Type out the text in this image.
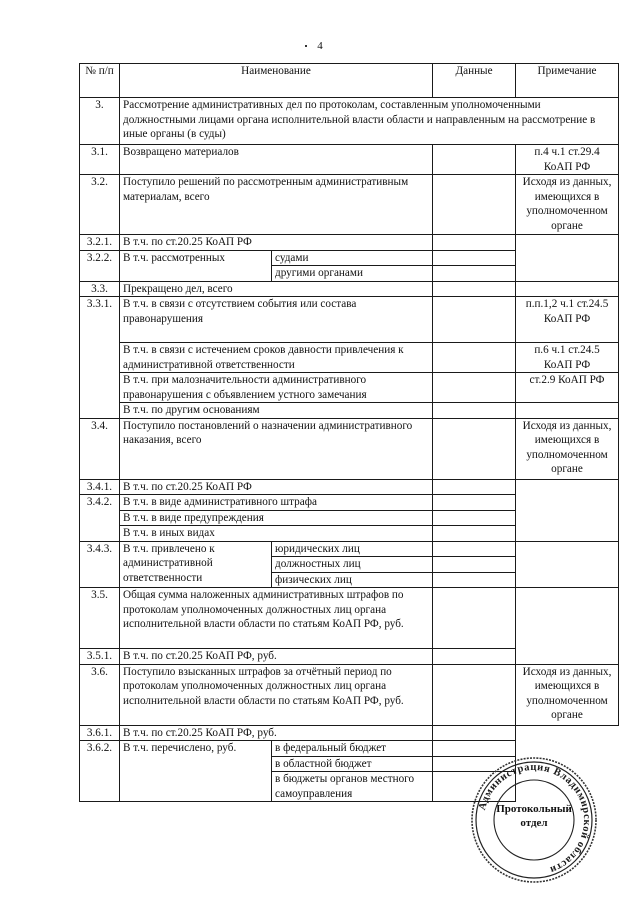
4
№ п/п	Наименование		Данные	Примечание
3.	Рассмотрение административных дел по протоколам, составленным уполномоченными должностными лицами органа исполнительной власти области и направленным на рассмотрение в иные органы (в суды)			
3.1.	Возвращено материалов			п.4 ч.1 ст.29.4 КоАП РФ
3.2.	Поступило решений по рассмотренным административным материалам, всего			Исходя из данных, имеющихся в уполномоченном органе
3.2.1.	В т.ч. по ст.20.25 КоАП РФ			
3.2.2.	В т.ч. рассмотренных	судами		
		другими органами		
3.3.	Прекращено дел, всего			
3.3.1.	В т.ч. в связи с отсутствием события или состава правонарушения			п.п.1,2 ч.1 ст.24.5 КоАП РФ
	В т.ч. в связи с истечением сроков давности привлечения к административной ответственности			п.6 ч.1 ст.24.5 КоАП РФ
	В т.ч. при малозначительности административного правонарушения с объявлением устного замечания			ст.2.9 КоАП РФ
	В т.ч. по другим основаниям			
3.4.	Поступило постановлений о назначении административного наказания, всего			Исходя из данных, имеющихся в уполномоченном органе
3.4.1.	В т.ч. по ст.20.25 КоАП РФ			
3.4.2.	В т.ч. в виде административного штрафа			
	В т.ч. в виде предупреждения			
	В т.ч. в иных видах			
3.4.3.	В т.ч. привлечено к административной ответственности	юридических лиц		
		должностных лиц		
		физических лиц		
3.5.	Общая сумма наложенных административных штрафов по протоколам уполномоченных должностных лиц органа исполнительной власти области по статьям КоАП РФ, руб.			
3.5.1.	В т.ч. по ст.20.25 КоАП РФ, руб.			
3.6.	Поступило взысканных штрафов за отчётный период по протоколам уполномоченных должностных лиц органа исполнительной власти области по статьям КоАП РФ, руб.			Исходя из данных, имеющихся в уполномоченном органе
3.6.1.	В т.ч. по ст.20.25 КоАП РФ, руб.			
3.6.2.	В т.ч. перечислено, руб.	в федеральный бюджет		
		в областной бюджет		
		в бюджеты органов местного самоуправления		
Администрация Владимирской области
Протокольный отдел
